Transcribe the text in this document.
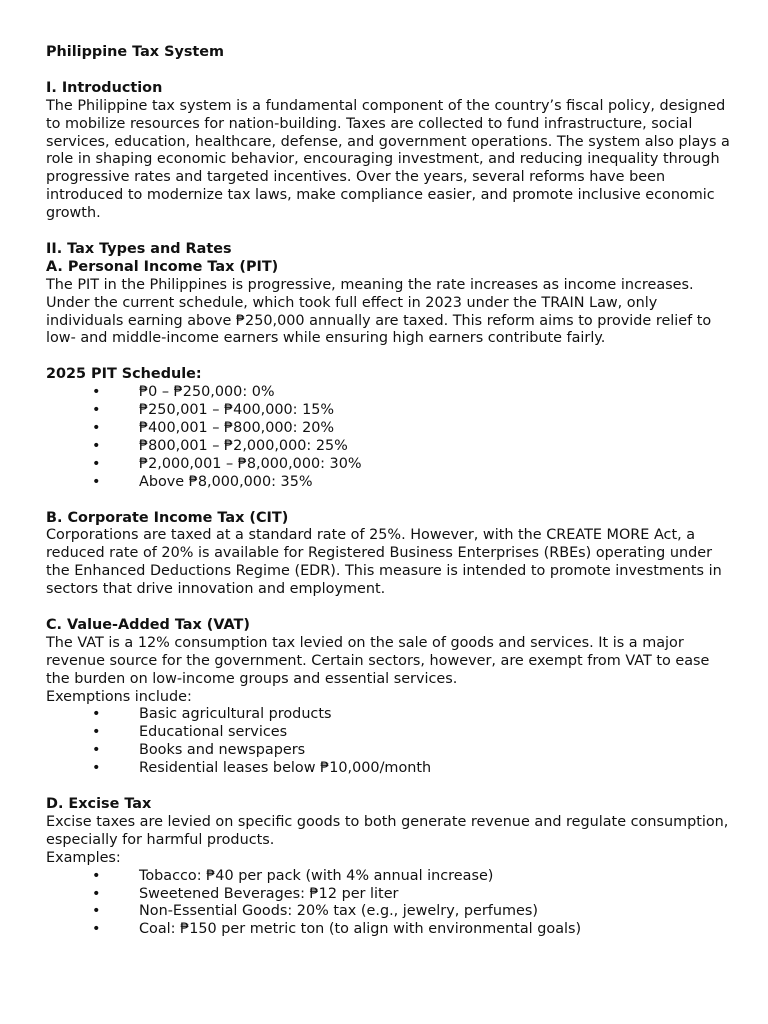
Philippine Tax System
I. Introduction

The Philippine tax system is a fundamental component of the country’s fiscal policy, designed to mobilize resources for nation-building. Taxes are collected to fund infrastructure, social services, education, healthcare, defense, and government operations. The system also plays a role in shaping economic behavior, encouraging investment, and reducing inequality through progressive rates and targeted incentives. Over the years, several reforms have been introduced to modernize tax laws, make compliance easier, and promote inclusive economic growth.

II. Tax Types and Rates
A. Personal Income Tax (PIT)

The PIT in the Philippines is progressive, meaning the rate increases as income increases. Under the current schedule, which took full effect in 2023 under the TRAIN Law, only individuals earning above ₱250,000 annually are taxed. This reform aims to provide relief to low- and middle-income earners while ensuring high earners contribute fairly.

2025 PIT Schedule:
•	₱0 – ₱250,000: 0%
•	₱250,001 – ₱400,000: 15%
•	₱400,001 – ₱800,000: 20%
•	₱800,001 – ₱2,000,000: 25%
•	₱2,000,001 – ₱8,000,000: 30%
•	Above ₱8,000,000: 35%
B. Corporate Income Tax (CIT)

Corporations are taxed at a standard rate of 25%. However, with the CREATE MORE Act, a reduced rate of 20% is available for Registered Business Enterprises (RBEs) operating under the Enhanced Deductions Regime (EDR). This measure is intended to promote investments in sectors that drive innovation and employment.

C. Value-Added Tax (VAT)

The VAT is a 12% consumption tax levied on the sale of goods and services. It is a major revenue source for the government. Certain sectors, however, are exempt from VAT to ease the burden on low-income groups and essential services.

Exemptions include:

•	Basic agricultural products
•	Educational services
•	Books and newspapers
•	Residential leases below ₱10,000/month
D. Excise Tax

Excise taxes are levied on specific goods to both generate revenue and regulate consumption, especially for harmful products.

Examples:

•	Tobacco: ₱40 per pack (with 4% annual increase)
•	Sweetened Beverages: ₱12 per liter
•	Non-Essential Goods: 20% tax (e.g., jewelry, perfumes)
•	Coal: ₱150 per metric ton (to align with environmental goals)
